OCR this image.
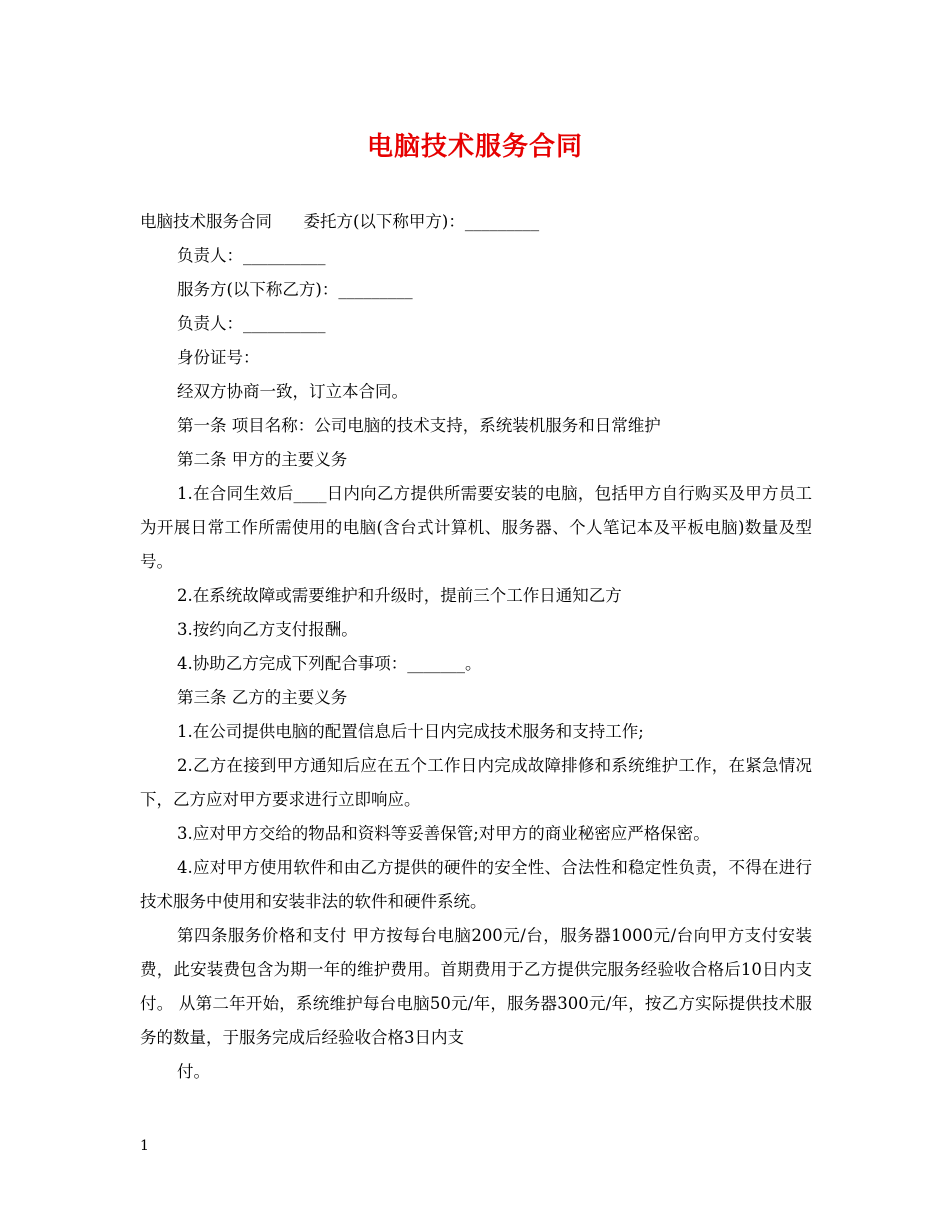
电脑技术服务合同

电脑技术服务合同      委托方(以下称甲方)：_________

负责人：__________

服务方(以下称乙方)：_________

负责人：__________

身份证号：

经双方协商一致，订立本合同。

第一条 项目名称：公司电脑的技术支持，系统装机服务和日常维护

第二条 甲方的主要义务

1.在合同生效后____日内向乙方提供所需要安装的电脑，包括甲方自行购买及甲方员工为开展日常工作所需使用的电脑(含台式计算机、服务器、个人笔记本及平板电脑)数量及型号。

2.在系统故障或需要维护和升级时，提前三个工作日通知乙方

3.按约向乙方支付报酬。

4.协助乙方完成下列配合事项：_______。

第三条 乙方的主要义务

1.在公司提供电脑的配置信息后十日内完成技术服务和支持工作;

2.乙方在接到甲方通知后应在五个工作日内完成故障排修和系统维护工作，在紧急情况下，乙方应对甲方要求进行立即响应。

3.应对甲方交给的物品和资料等妥善保管;对甲方的商业秘密应严格保密。

4.应对甲方使用软件和由乙方提供的硬件的安全性、合法性和稳定性负责，不得在进行技术服务中使用和安装非法的软件和硬件系统。

第四条服务价格和支付 甲方按每台电脑200元/台，服务器1000元/台向甲方支付安装费，此安装费包含为期一年的维护费用。首期费用于乙方提供完服务经验收合格后10日内支付。 从第二年开始，系统维护每台电脑50元/年，服务器300元/年，按乙方实际提供技术服务的数量，于服务完成后经验收合格3日内支

付。

1
